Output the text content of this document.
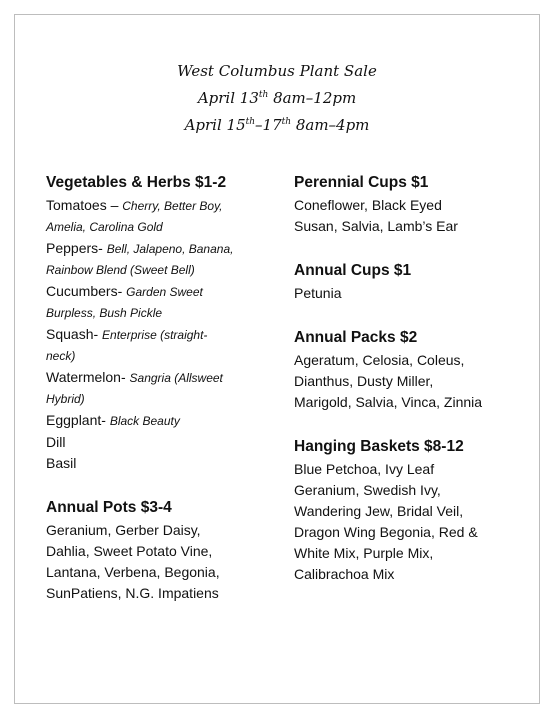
West Columbus Plant Sale
April 13th 8am–12pm
April 15th–17th 8am–4pm
Vegetables & Herbs $1-2
Tomatoes – Cherry, Better Boy,
Amelia, Carolina Gold
Peppers- Bell, Jalapeno, Banana,
Rainbow Blend (Sweet Bell)
Cucumbers- Garden Sweet
Burpless, Bush Pickle
Squash- Enterprise (straight-
neck)
Watermelon- Sangria (Allsweet
Hybrid)
Eggplant- Black Beauty
Dill
Basil
Annual Pots $3-4
Geranium, Gerber Daisy,
Dahlia, Sweet Potato Vine,
Lantana, Verbena, Begonia,
SunPatiens, N.G. Impatiens
Perennial Cups $1
Coneflower, Black Eyed
Susan, Salvia, Lamb’s Ear
Annual Cups $1
Petunia
Annual Packs $2
Ageratum, Celosia, Coleus,
Dianthus, Dusty Miller,
Marigold, Salvia, Vinca, Zinnia
Hanging Baskets $8-12
Blue Petchoa, Ivy Leaf
Geranium, Swedish Ivy,
Wandering Jew, Bridal Veil,
Dragon Wing Begonia, Red &
White Mix, Purple Mix,
Calibrachoa Mix
